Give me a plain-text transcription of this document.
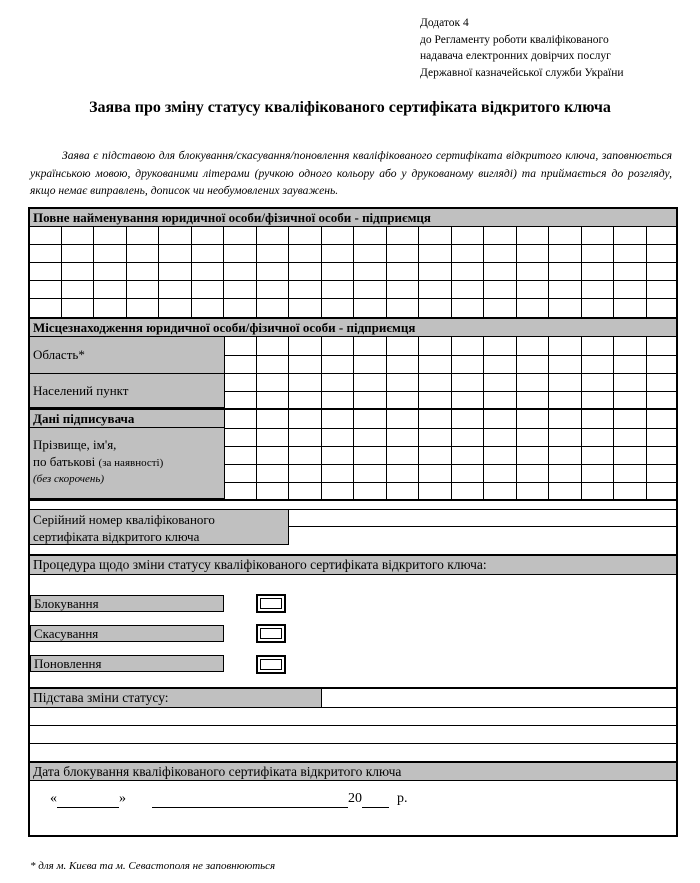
Додаток 4
до Регламенту роботи кваліфікованого
надавача електронних довірчих послуг
Державної казначейської служби України
Заява про зміну статусу кваліфікованого сертифіката відкритого ключа
Заява є підставою для блокування/скасування/поновлення кваліфікованого сертифіката відкритого ключа, заповнюється українською мовою, друкованими літерами (ручкою одного кольору або у друкованому вигляді) та приймається до розгляду, якщо немає виправлень, дописок чи необумовлених зауважень.
Повне найменування юридичної особи/фізичної особи - підприємця
Місцезнаходження юридичної особи/фізичної особи - підприємця
Область*
Населений пункт
Дані підписувача
Прізвище, ім'я,
по батькові (за наявності)
(без скорочень)
Серійний номер кваліфікованого
сертифіката відкритого ключа
Процедура щодо зміни статусу кваліфікованого сертифіката відкритого ключа:
Блокування
Скасування
Поновлення
Підстава зміни статусу:
Дата блокування кваліфікованого сертифіката відкритого ключа
«	»	20	р.
* для м. Києва та м. Севастополя не заповнюються
